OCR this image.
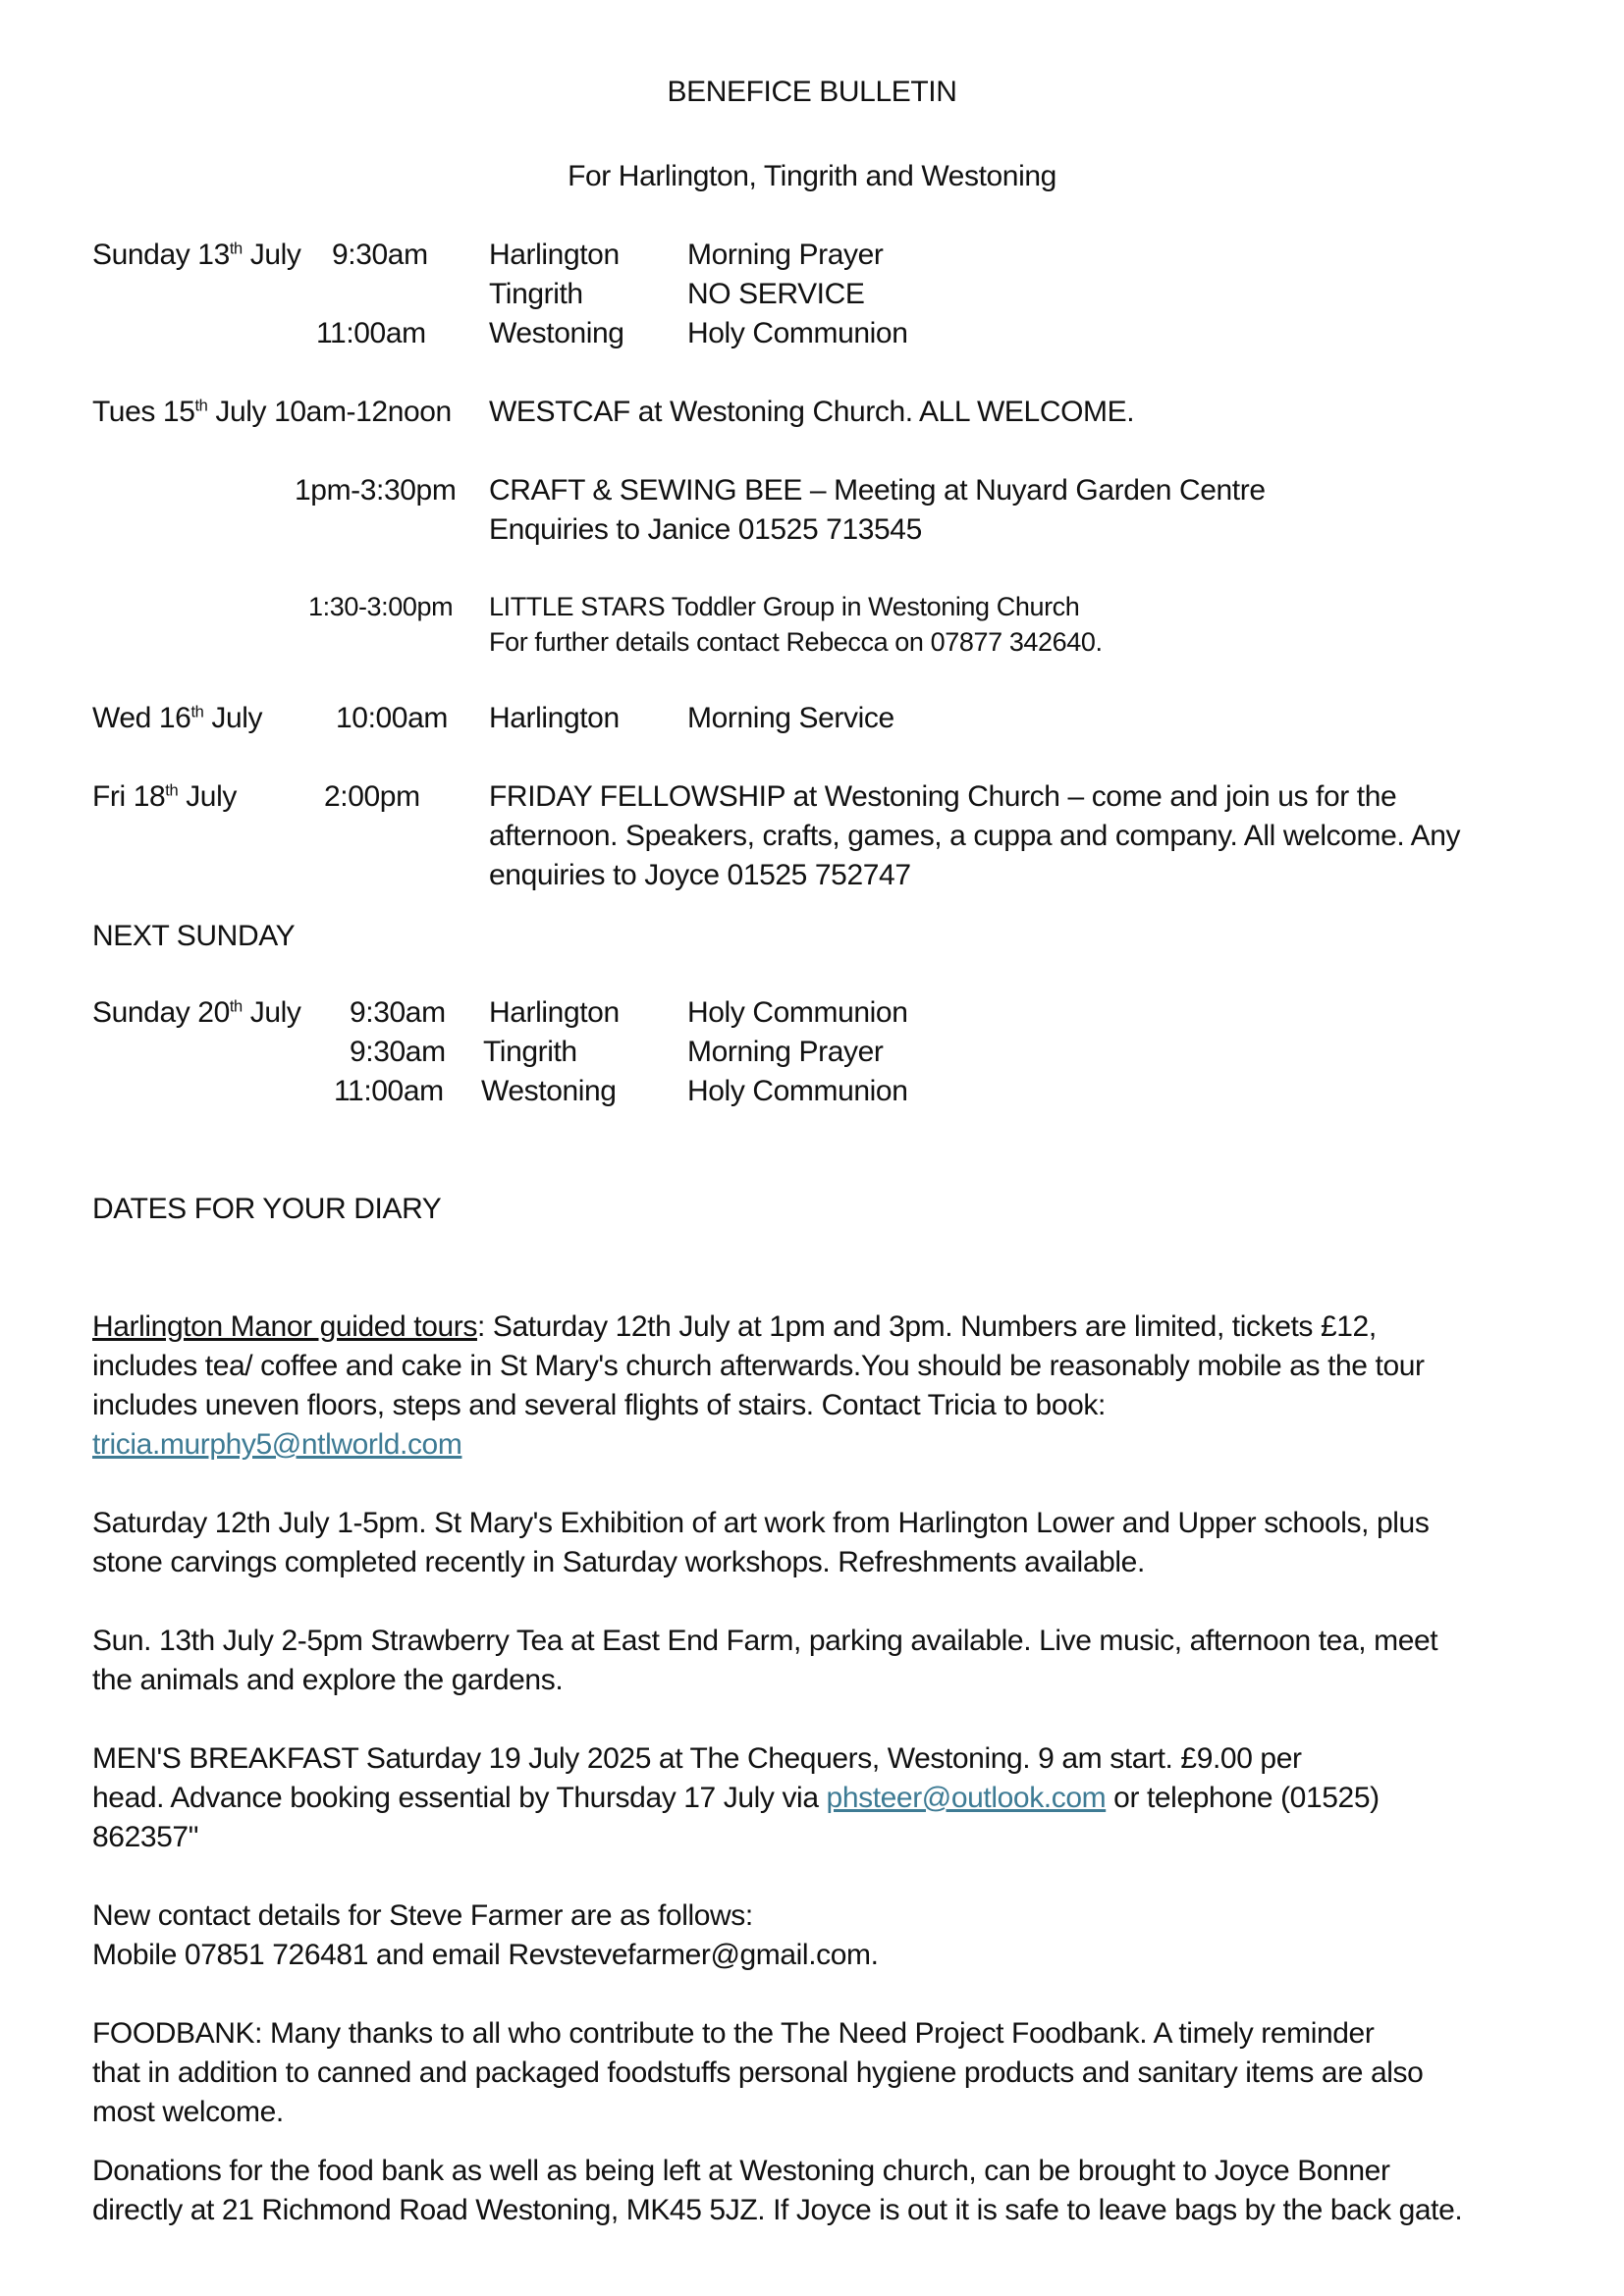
BENEFICE BULLETIN
For Harlington, Tingrith and Westoning
Sunday 13th July 9:30am Harlington Morning Prayer
Tingrith	NO SERVICE
11:00am Westoning Holy Communion
Tues 15th July 10am-12noon WESTCAF at Westoning Church. ALL WELCOME.
1pm-3:30pm CRAFT & SEWING BEE – Meeting at Nuyard Garden Centre
Enquiries to Janice 01525 713545
1:30-3:00pm LITTLE STARS Toddler Group in Westoning Church
For further details contact Rebecca on 07877 342640.
Wed 16th July 10:00am Harlington Morning Service
Fri 18th July	2:00pm FRIDAY FELLOWSHIP at Westoning Church – come and join us for the
afternoon. Speakers, crafts, games, a cuppa and company. All welcome. Any
enquiries to Joyce 01525 752747
NEXT SUNDAY
Sunday 20th July 9:30am Harlington Holy Communion
9:30am Tingrith	Morning Prayer
11:00am Westoning Holy Communion
DATES FOR YOUR DIARY
Harlington Manor guided tours: Saturday 12th July at 1pm and 3pm. Numbers are limited, tickets £12,
includes tea/ coffee and cake in St Mary's church afterwards.You should be reasonably mobile as the tour
includes uneven floors, steps and several flights of stairs. Contact Tricia to book:
tricia.murphy5@ntlworld.com
Saturday 12th July 1-5pm. St Mary's Exhibition of art work from Harlington Lower and Upper schools, plus
stone carvings completed recently in Saturday workshops. Refreshments available.
Sun. 13th July 2-5pm Strawberry Tea at East End Farm, parking available. Live music, afternoon tea, meet
the animals and explore the gardens.
MEN'S BREAKFAST Saturday 19 July 2025 at The Chequers, Westoning. 9 am start. £9.00 per
head. Advance booking essential by Thursday 17 July via phsteer@outlook.com or telephone (01525)
862357"
New contact details for Steve Farmer are as follows:
Mobile 07851 726481 and email Revstevefarmer@gmail.com.
FOODBANK: Many thanks to all who contribute to the The Need Project Foodbank. A timely reminder
that in addition to canned and packaged foodstuffs personal hygiene products and sanitary items are also
most welcome.
Donations for the food bank as well as being left at Westoning church, can be brought to Joyce Bonner
directly at 21 Richmond Road Westoning, MK45 5JZ. If Joyce is out it is safe to leave bags by the back gate.
